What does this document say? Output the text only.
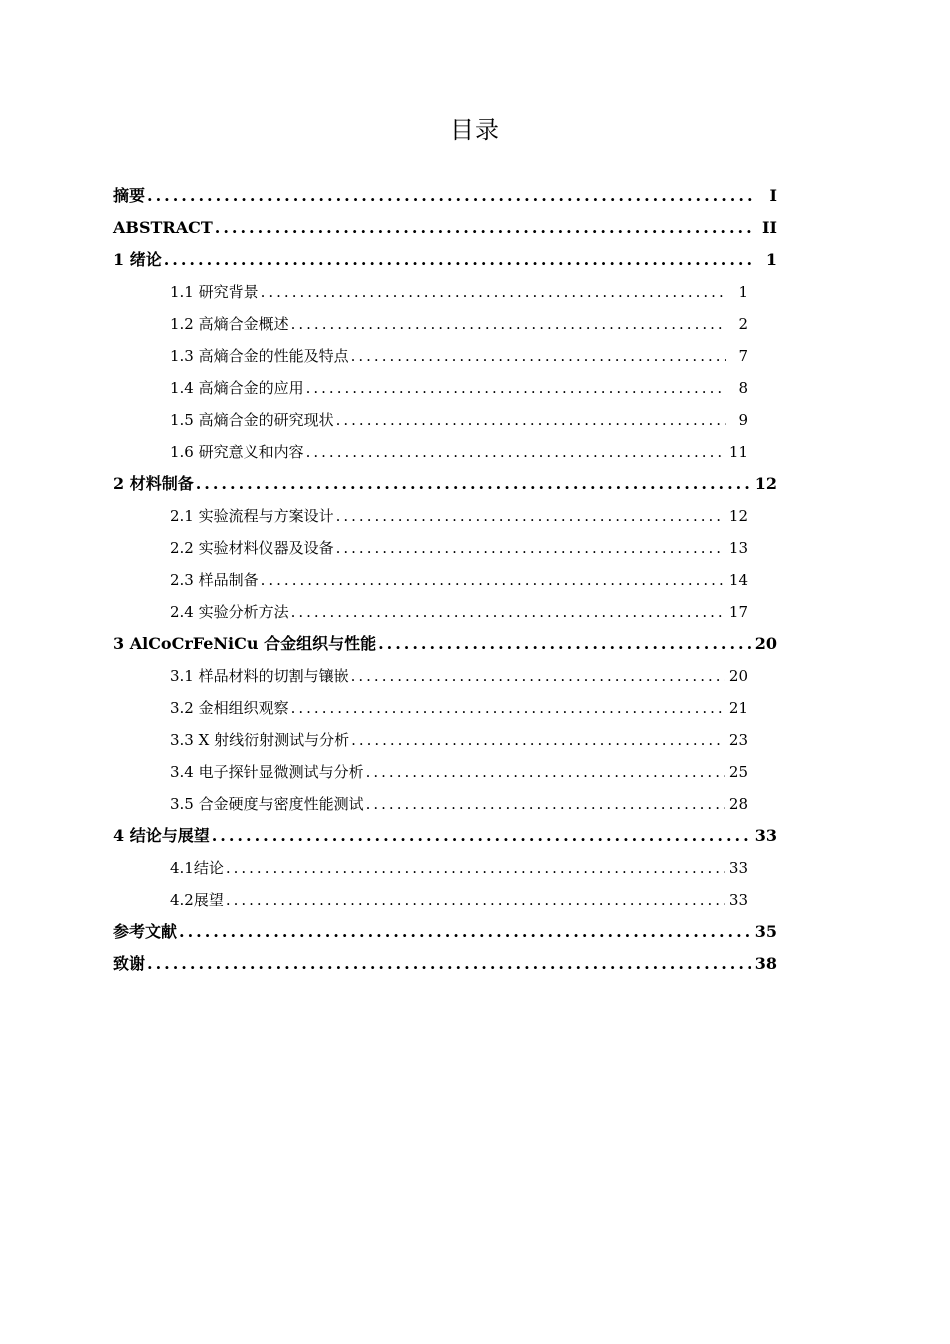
目录
摘要 .....	I
ABSTRACT .....	II
1 绪论 .....	1
1.1 研究背景 .....	1
1.2 高熵合金概述 .....	2
1.3 高熵合金的性能及特点 .....	7
1.4 高熵合金的应用 .....	8
1.5 高熵合金的研究现状 .....	9
1.6 研究意义和内容 .....	11
2 材料制备 .....	12
2.1 实验流程与方案设计 .....	12
2.2 实验材料仪器及设备 .....	13
2.3 样品制备 .....	14
2.4 实验分析方法 .....	17
3 AlCoCrFeNiCu 合金组织与性能 .....	20
3.1 样品材料的切割与镶嵌 .....	20
3.2 金相组织观察 .....	21
3.3 X 射线衍射测试与分析 .....	23
3.4 电子探针显微测试与分析 .....	25
3.5 合金硬度与密度性能测试 .....	28
4 结论与展望 .....	33
4.1结论 .....	33
4.2展望 .....	33
参考文献 .....	35
致谢 .....	38
